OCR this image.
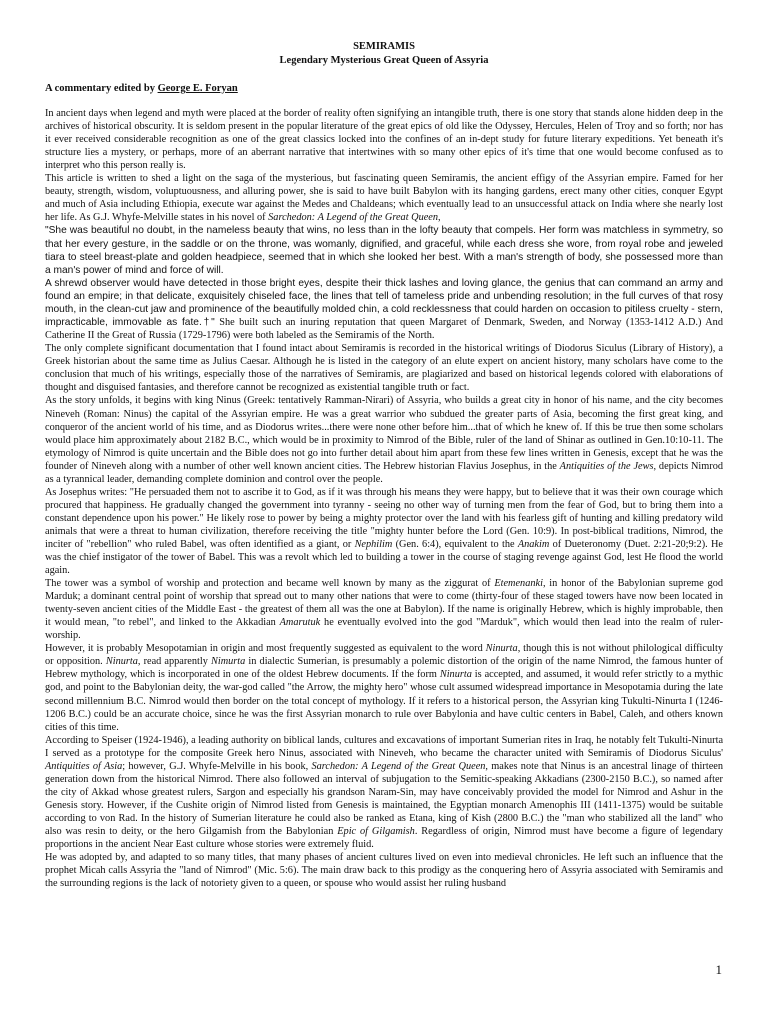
SEMIRAMIS
Legendary Mysterious Great Queen of Assyria
A commentary edited by George E. Foryan

In ancient days when legend and myth were placed at the border of reality often signifying an intangible truth, there is one story that stands alone hidden deep in the archives of historical obscurity. It is seldom present in the popular literature of the great epics of old like the Odyssey, Hercules, Helen of Troy and so forth; nor has it ever received considerable recognition as one of the great classics locked into the confines of an in-dept study for future literary expeditions. Yet beneath it's structure lies a mystery, or perhaps, more of an aberrant narrative that intertwines with so many other epics of it's time that one would become confused as to interpret who this person really is.

This article is written to shed a light on the saga of the mysterious, but fascinating queen Semiramis, the ancient effigy of the Assyrian empire. Famed for her beauty, strength, wisdom, voluptuousness, and alluring power, she is said to have built Babylon with its hanging gardens, erect many other cities, conquer Egypt and much of Asia including Ethiopia, execute war against the Medes and Chaldeans; which eventually lead to an unsuccessful attack on India where she nearly lost her life. As G.J. Whyfe-Melville states in his novel of Sarchedon: A Legend of the Great Queen,

"She was beautiful no doubt, in the nameless beauty that wins, no less than in the lofty beauty that compels. Her form was matchless in symmetry, so that her every gesture, in the saddle or on the throne, was womanly, dignified, and graceful, while each dress she wore, from royal robe and jeweled tiara to steel breast-plate and golden headpiece, seemed that in which she looked her best. With a man's strength of body, she possessed more than a man's power of mind and force of will.

A shrewd observer would have detected in those bright eyes, despite their thick lashes and loving glance, the genius that can command an army and found an empire; in that delicate, exquisitely chiseled face, the lines that tell of tameless pride and unbending resolution; in the full curves of that rosy mouth, in the clean-cut jaw and prominence of the beautifully molded chin, a cold recklessness that could harden on occasion to pitiless cruelty - stern, impracticable, immovable as fate.†" She built such an inuring reputation that queen Margaret of Denmark, Sweden, and Norway (1353-1412 A.D.) And Catherine II the Great of Russia (1729-1796) were both labeled as the Semiramis of the North.

The only complete significant documentation that I found intact about Semiramis is recorded in the historical writings of Diodorus Siculus (Library of History), a Greek historian about the same time as Julius Caesar. Although he is listed in the category of an elute expert on ancient history, many scholars have come to the conclusion that much of his writings, especially those of the narratives of Semiramis, are plagiarized and based on historical legends colored with elaborations of thought and disguised fantasies, and therefore cannot be recognized as existential tangible truth or fact.

As the story unfolds, it begins with king Ninus (Greek: tentatively Ramman-Nirari) of Assyria, who builds a great city in honor of his name, and the city becomes Nineveh (Roman: Ninus) the capital of the Assyrian empire. He was a great warrior who subdued the greater parts of Asia, becoming the first great king, and conqueror of the ancient world of his time, and as Diodorus writes...there were none other before him...that of which he knew of. If this be true then some scholars would place him approximately about 2182 B.C., which would be in proximity to Nimrod of the Bible, ruler of the land of Shinar as outlined in Gen.10:10-11. The etymology of Nimrod is quite uncertain and the Bible does not go into further detail about him apart from these few lines written in Genesis, except that he was the founder of Nineveh along with a number of other well known ancient cities. The Hebrew historian Flavius Josephus, in the Antiquities of the Jews, depicts Nimrod as a tyrannical leader, demanding complete dominion and control over the people.

As Josephus writes: "He persuaded them not to ascribe it to God, as if it was through his means they were happy, but to believe that it was their own courage which procured that happiness. He gradually changed the government into tyranny - seeing no other way of turning men from the fear of God, but to bring them into a constant dependence upon his power." He likely rose to power by being a mighty protector over the land with his fearless gift of hunting and killing predatory wild animals that were a threat to human civilization, therefore receiving the title "mighty hunter before the Lord (Gen. 10:9). In post-biblical traditions, Nimrod, the inciter of "rebellion" who ruled Babel, was often identified as a giant, or Nephilim (Gen. 6:4), equivalent to the Anakim of Dueteronomy (Duet. 2:21-20;9:2). He was the chief instigator of the tower of Babel. This was a revolt which led to building a tower in the course of staging revenge against God, lest He flood the world again.

The tower was a symbol of worship and protection and became well known by many as the ziggurat of Etemenanki, in honor of the Babylonian supreme god Marduk; a dominant central point of worship that spread out to many other nations that were to come (thirty-four of these staged towers have now been located in twenty-seven ancient cities of the Middle East - the greatest of them all was the one at Babylon). If the name is originally Hebrew, which is highly improbable, then it would mean, "to rebel", and linked to the Akkadian Amarutuk he eventually evolved into the god "Marduk", which would then lead into the realm of ruler-worship.

However, it is probably Mesopotamian in origin and most frequently suggested as equivalent to the word Ninurta, though this is not without philological difficulty or opposition. Ninurta, read apparently Nimurta in dialectic Sumerian, is presumably a polemic distortion of the origin of the name Nimrod, the famous hunter of Hebrew mythology, which is incorporated in one of the oldest Hebrew documents. If the form Ninurta is accepted, and assumed, it would refer strictly to a mythic god, and point to the Babylonian deity, the war-god called "the Arrow, the mighty hero" whose cult assumed widespread importance in Mesopotamia during the late second millennium B.C. Nimrod would then border on the total concept of mythology. If it refers to a historical person, the Assyrian king Tukulti-Ninurta I (1246-1206 B.C.) could be an accurate choice, since he was the first Assyrian monarch to rule over Babylonia and have cultic centers in Babel, Caleh, and others known cities of this time.

According to Speiser (1924-1946), a leading authority on biblical lands, cultures and excavations of important Sumerian rites in Iraq, he notably felt Tukulti-Ninurta I served as a prototype for the composite Greek hero Ninus, associated with Nineveh, who became the character united with Semiramis of Diodorus Siculus' Antiquities of Asia; however, G.J. Whyfe-Melville in his book, Sarchedon: A Legend of the Great Queen, makes note that Ninus is an ancestral linage of thirteen generation down from the historical Nimrod. There also followed an interval of subjugation to the Semitic-speaking Akkadians (2300-2150 B.C.), so named after the city of Akkad whose greatest rulers, Sargon and especially his grandson Naram-Sin, may have conceivably provided the model for Nimrod and Ashur in the Genesis story. However, if the Cushite origin of Nimrod listed from Genesis is maintained, the Egyptian monarch Amenophis III (1411-1375) would be suitable according to von Rad. In the history of Sumerian literature he could also be ranked as Etana, king of Kish (2800 B.C.) the "man who stabilized all the land" who also was resin to deity, or the hero Gilgamish from the Babylonian Epic of Gilgamish. Regardless of origin, Nimrod must have become a figure of legendary proportions in the ancient Near East culture whose stories were extremely fluid.

He was adopted by, and adapted to so many titles, that many phases of ancient cultures lived on even into medieval chronicles. He left such an influence that the prophet Micah calls Assyria the "land of Nimrod" (Mic. 5:6). The main draw back to this prodigy as the conquering hero of Assyria associated with Semiramis and the surrounding regions is the lack of notoriety given to a queen, or spouse who would assist her ruling husband

1
